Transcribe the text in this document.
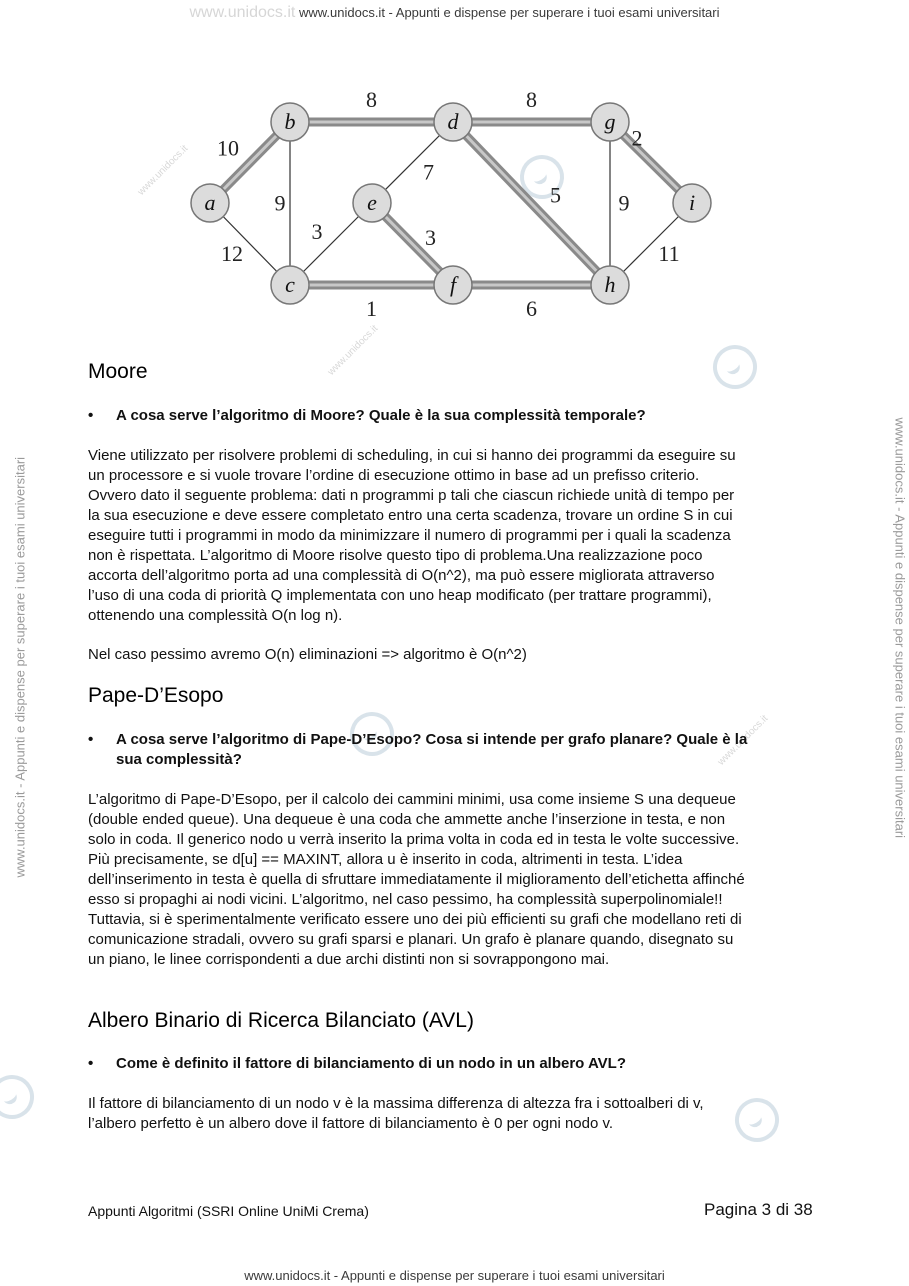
www.unidocs.it www.unidocs.it - Appunti e dispense per superare i tuoi esami universitari
www.unidocs.it - Appunti e dispense per superare i tuoi esami universitari
www.unidocs.it - Appunti e dispense per superare i tuoi esami universitari	www.unidocs.it - Appunti e dispense per superare i tuoi esami universitari
www.unidocs.it
www.unidocs.it
www.unidocs.it
10
12
9
8
3
1
7
8
5
3
6
9
2
11
a
b
c
d
e
f
g
h
i
Moore
• A cosa serve l’algoritmo di Moore? Quale è la sua complessità temporale?
Viene utilizzato per risolvere problemi di scheduling, in cui si hanno dei programmi da eseguire su
un processore e si vuole trovare l’ordine di esecuzione ottimo in base ad un prefisso criterio.
Ovvero dato il seguente problema: dati n programmi p tali che ciascun richiede unità di tempo per
la sua esecuzione e deve essere completato entro una certa scadenza, trovare un ordine S in cui
eseguire tutti i programmi in modo da minimizzare il numero di programmi per i quali la scadenza
non è rispettata. L’algoritmo di Moore risolve questo tipo di problema.Una realizzazione poco
accorta dell’algoritmo porta ad una complessità di O(n^2), ma può essere migliorata attraverso
l’uso di una coda di priorità Q implementata con uno heap modificato (per trattare programmi),
ottenendo una complessità O(n log n).
Nel caso pessimo avremo O(n) eliminazioni => algoritmo è O(n^2)
Pape-D’Esopo
• A cosa serve l’algoritmo di Pape-D’Esopo? Cosa si intende per grafo planare? Quale è la
sua complessità?
L’algoritmo di Pape-D’Esopo, per il calcolo dei cammini minimi, usa come insieme S una dequeue
(double ended queue). Una dequeue è una coda che ammette anche l’inserzione in testa, e non
solo in coda. Il generico nodo u verrà inserito la prima volta in coda ed in testa le volte successive.
Più precisamente, se d[u] == MAXINT, allora u è inserito in coda, altrimenti in testa. L’idea
dell’inserimento in testa è quella di sfruttare immediatamente il miglioramento dell’etichetta affinché
esso si propaghi ai nodi vicini. L’algoritmo, nel caso pessimo, ha complessità superpolinomiale!!
Tuttavia, si è sperimentalmente verificato essere uno dei più efficienti su grafi che modellano reti di
comunicazione stradali, ovvero su grafi sparsi e planari. Un grafo è planare quando, disegnato su
un piano, le linee corrispondenti a due archi distinti non si sovrappongono mai.
Albero Binario di Ricerca Bilanciato (AVL)
• Come è definito il fattore di bilanciamento di un nodo in un albero AVL?
Il fattore di bilanciamento di un nodo v è la massima differenza di altezza fra i sottoalberi di v,
l’albero perfetto è un albero dove il fattore di bilanciamento è 0 per ogni nodo v.
Appunti Algoritmi (SSRI Online UniMi Crema)	Pagina 3 di 38
